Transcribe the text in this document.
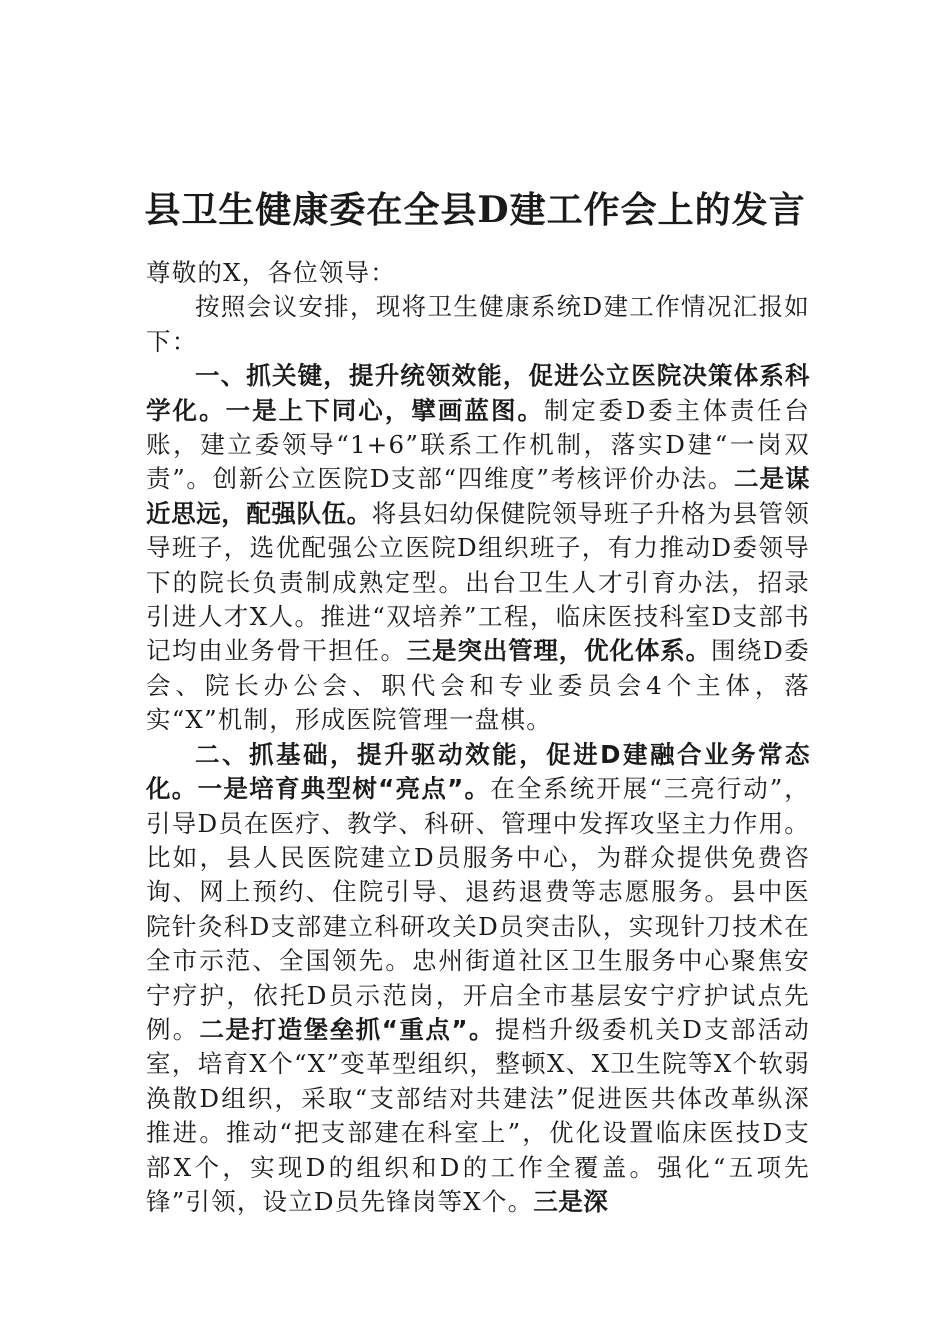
县卫生健康委在全县D建工作会上的发言

尊敬的X，各位领导：

按照会议安排，现将卫生健康系统D建工作情况汇报如下：

一、抓关键，提升统领效能，促进公立医院决策体系科学化。一是上下同心，擘画蓝图。制定委D委主体责任台账，建立委领导“1+6”联系工作机制，落实D建“一岗双责”。创新公立医院D支部“四维度”考核评价办法。二是谋近思远，配强队伍。将县妇幼保健院领导班子升格为县管领导班子，选优配强公立医院D组织班子，有力推动D委领导下的院长负责制成熟定型。出台卫生人才引育办法，招录引进人才X人。推进“双培养”工程，临床医技科室D支部书记均由业务骨干担任。三是突出管理，优化体系。围绕D委会、院长办公会、职代会和专业委员会4个主体，落实“X”机制，形成医院管理一盘棋。

二、抓基础，提升驱动效能，促进D建融合业务常态化。一是培育典型树“亮点”。在全系统开展“三亮行动”，引导D员在医疗、教学、科研、管理中发挥攻坚主力作用。比如，县人民医院建立D员服务中心，为群众提供免费咨询、网上预约、住院引导、退药退费等志愿服务。县中医院针灸科D支部建立科研攻关D员突击队，实现针刀技术在全市示范、全国领先。忠州街道社区卫生服务中心聚焦安宁疗护，依托D员示范岗，开启全市基层安宁疗护试点先例。二是打造堡垒抓“重点”。提档升级委机关D支部活动室，培育X个“X”变革型组织，整顿X、X卫生院等X个软弱涣散D组织，采取“支部结对共建法”促进医共体改革纵深推进。推动“把支部建在科室上”，优化设置临床医技D支部X个，实现D的组织和D的工作全覆盖。强化“五项先锋”引领，设立D员先锋岗等X个。三是深
